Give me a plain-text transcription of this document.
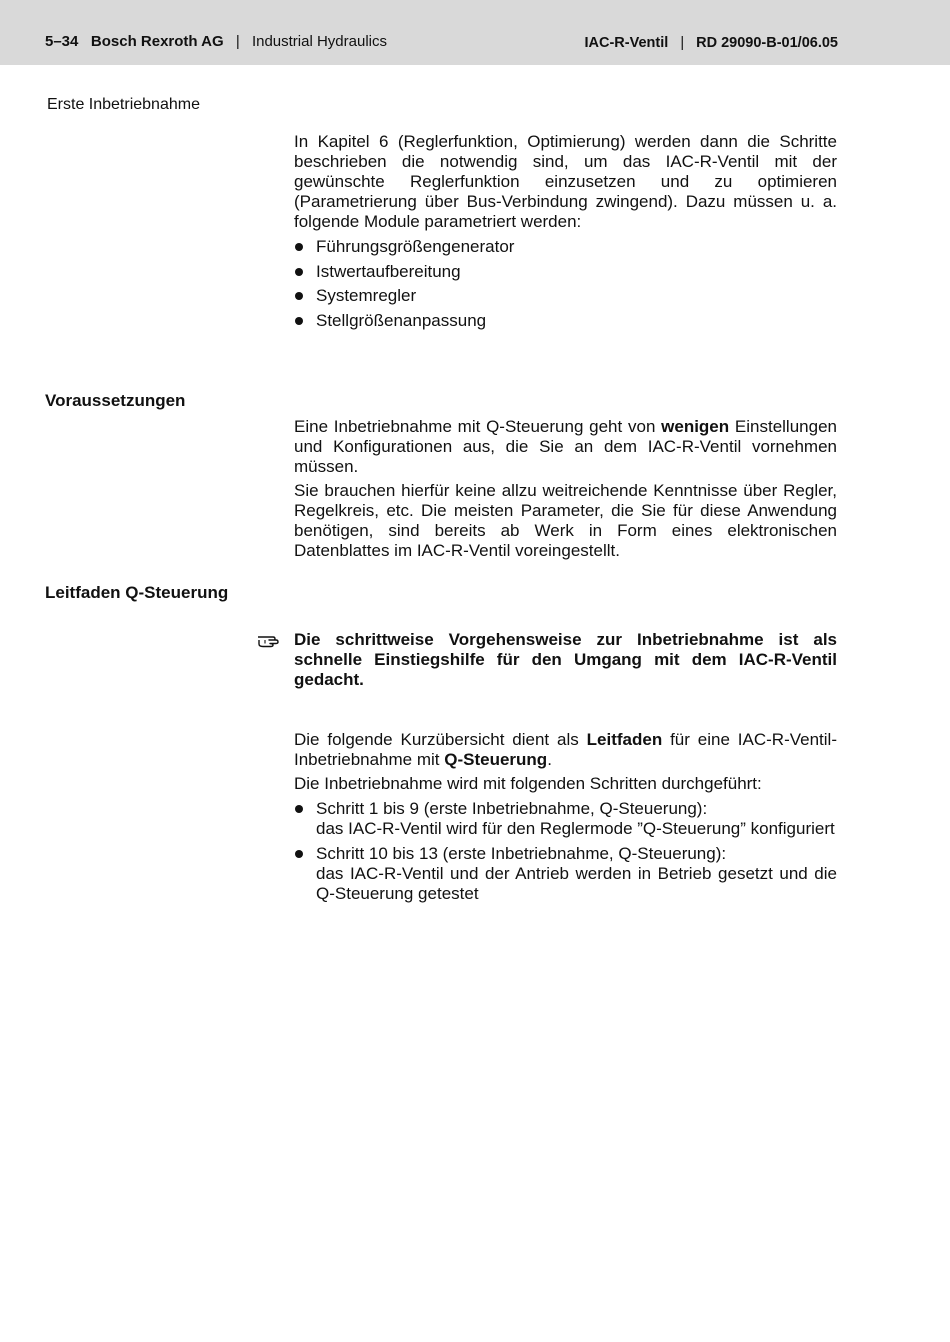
5–34 Bosch Rexroth AG | Industrial Hydraulics	IAC-R-Ventil | RD 29090-B-01/06.05
Erste Inbetriebnahme

In Kapitel 6 (Reglerfunktion, Optimierung) werden dann die Schritte beschrieben die notwendig sind, um das IAC-R-Ventil mit der gewünschte Reglerfunktion einzusetzen und zu optimieren (Parametrierung über Bus-Verbindung zwingend). Dazu müssen u. a. folgende Module parametriert werden:

Führungsgrößengenerator
Istwertaufbereitung
Systemregler
Stellgrößenanpassung
Voraussetzungen

Eine Inbetriebnahme mit Q-Steuerung geht von wenigen Einstellungen und Konfigurationen aus, die Sie an dem IAC-R-Ventil vornehmen müssen.

Sie brauchen hierfür keine allzu weitreichende Kenntnisse über Regler, Regelkreis, etc. Die meisten Parameter, die Sie für diese Anwendung benötigen, sind bereits ab Werk in Form eines elektronischen Datenblattes im IAC-R-Ventil voreingestellt.

Leitfaden Q-Steuerung

Die schrittweise Vorgehensweise zur Inbetriebnahme ist als schnelle Einstiegshilfe für den Umgang mit dem IAC-R-Ventil gedacht.

Die folgende Kurzübersicht dient als Leitfaden für eine IAC-R-Ventil-Inbetriebnahme mit Q-Steuerung.

Die Inbetriebnahme wird mit folgenden Schritten durchgeführt:

Schritt 1 bis 9 (erste Inbetriebnahme, Q-Steuerung):
das IAC-R-Ventil wird für den Reglermode ”Q-Steuerung” konfiguriert
Schritt 10 bis 13 (erste Inbetriebnahme, Q-Steuerung):
das IAC-R-Ventil und der Antrieb werden in Betrieb gesetzt und die Q-Steuerung getestet
